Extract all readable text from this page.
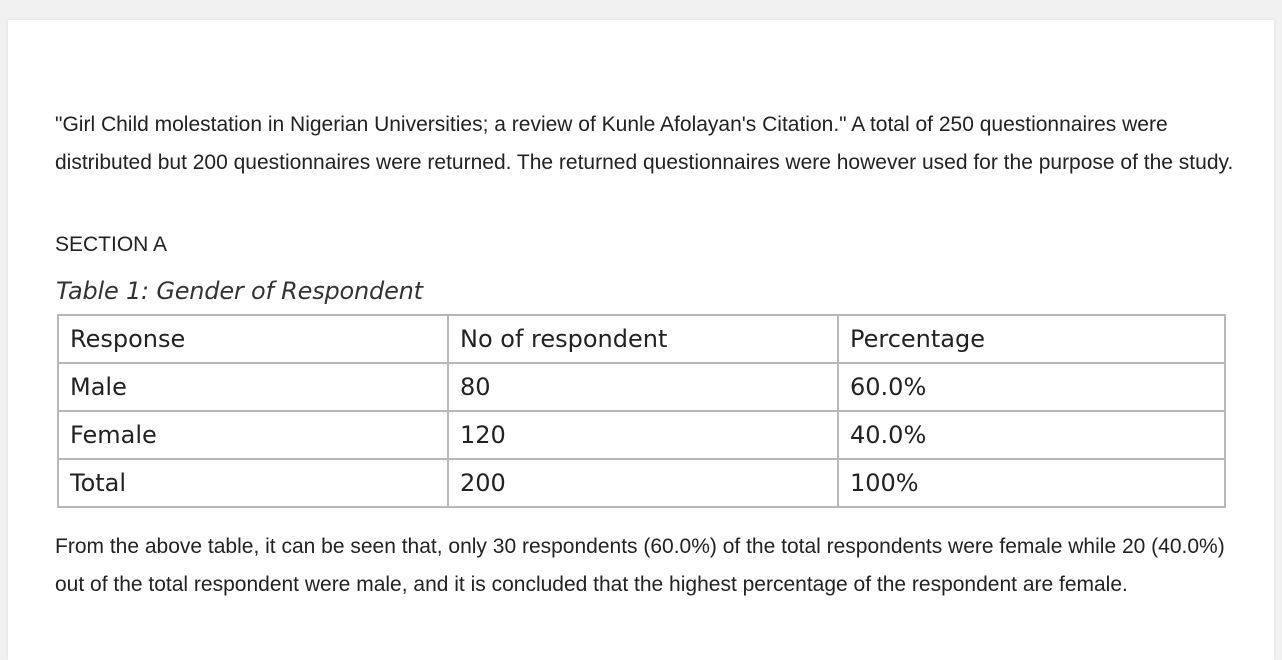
"Girl Child molestation in Nigerian Universities; a review of Kunle Afolayan's Citation." A total of 250 questionnaires were distributed but 200 questionnaires were returned. The returned questionnaires were however used for the purpose of the study.

SECTION A

Table 1: Gender of Respondent

Response	No of respondent	Percentage
Male	80	60.0%
Female	120	40.0%
Total	200	100%

From the above table, it can be seen that, only 30 respondents (60.0%) of the total respondents were female while 20 (40.0%) out of the total respondent were male, and it is concluded that the highest percentage of the respondent are female.
